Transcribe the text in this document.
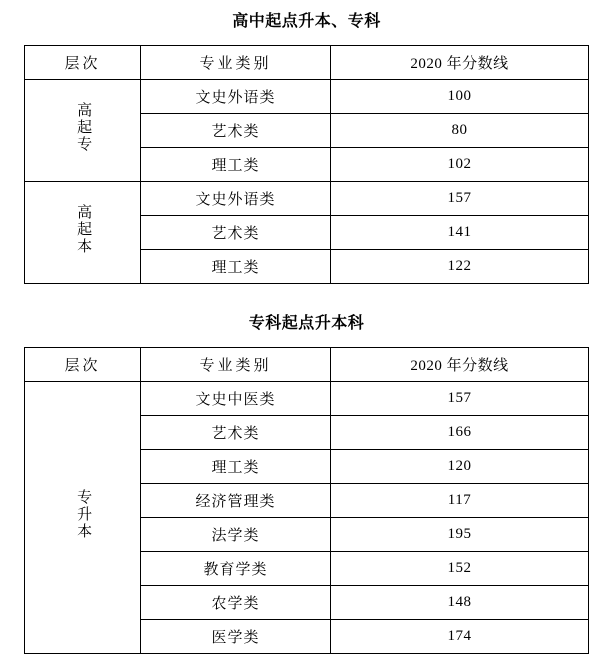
高中起点升本、专科
层次	专业类别	2020 年分数线
高起专	文史外语类	100
	艺术类	80
	理工类	102
高起本	文史外语类	157
	艺术类	141
	理工类	122
专科起点升本科
层次	专业类别	2020 年分数线
专升本	文史中医类	157
	艺术类	166
	理工类	120
	经济管理类	117
	法学类	195
	教育学类	152
	农学类	148
	医学类	174
